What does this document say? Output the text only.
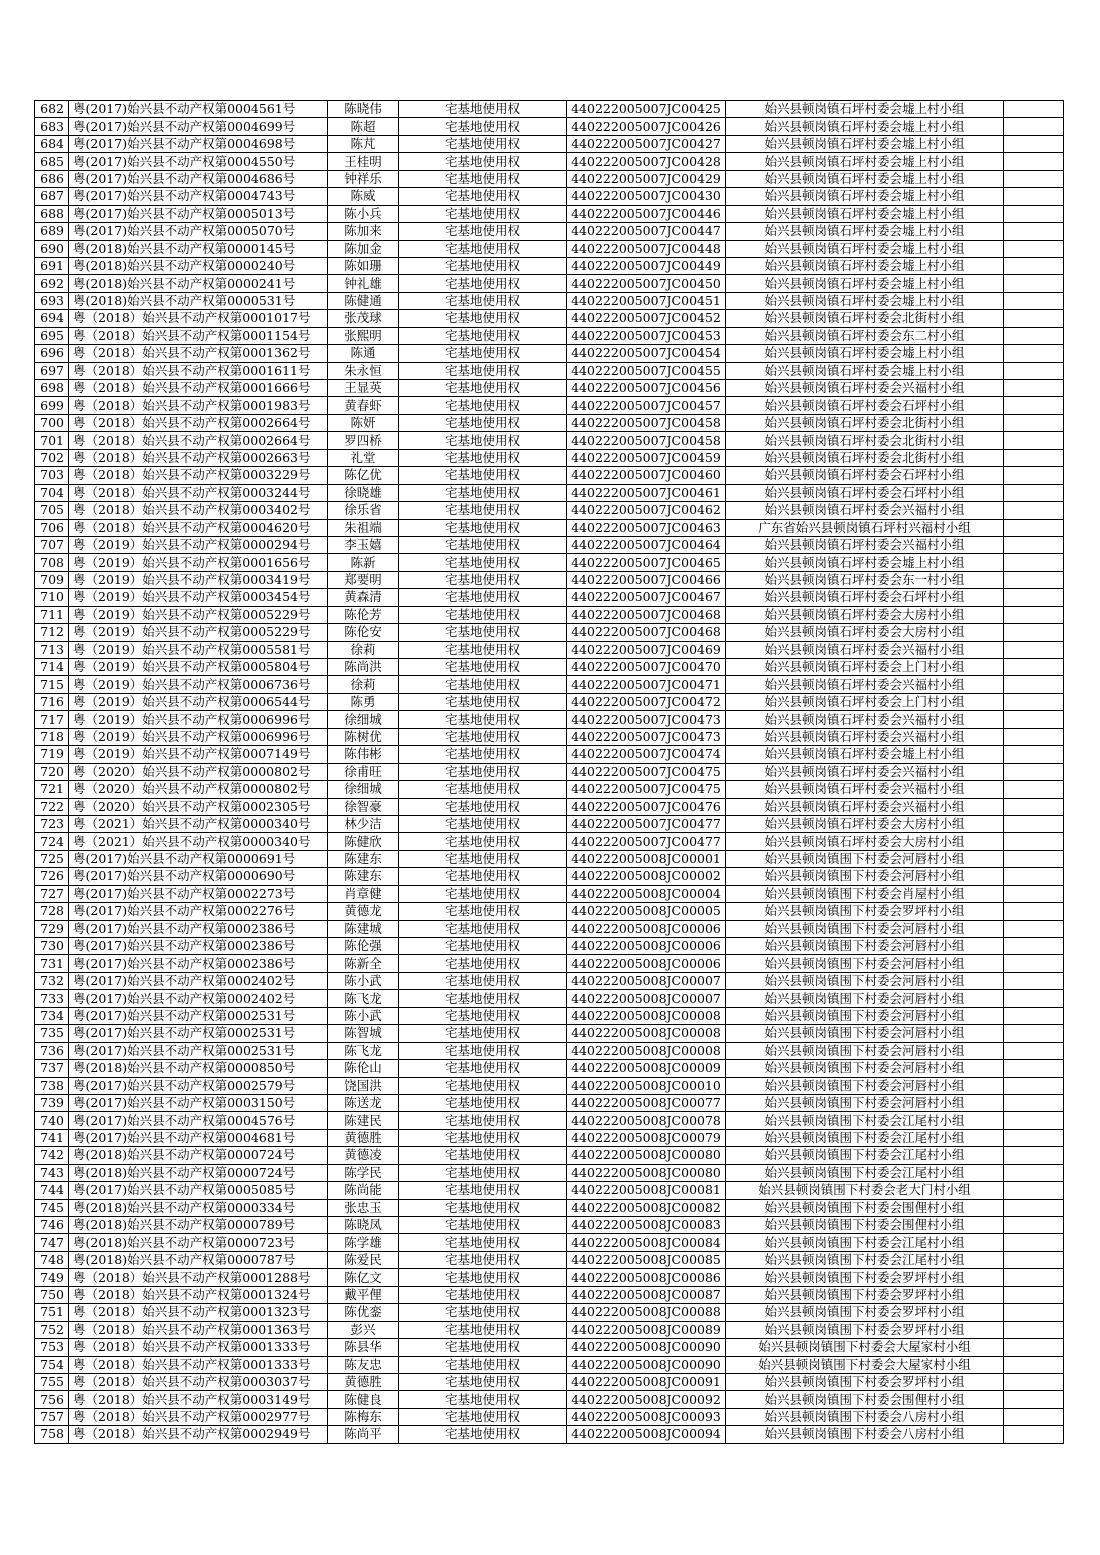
682	粤(2017)始兴县不动产权第0004561号	陈晓伟	宅基地使用权	440222005007JC00425	始兴县顿岗镇石坪村委会墟上村小组	
683	粤(2017)始兴县不动产权第0004699号	陈超	宅基地使用权	440222005007JC00426	始兴县顿岗镇石坪村委会墟上村小组	
684	粤(2017)始兴县不动产权第0004698号	陈芃	宅基地使用权	440222005007JC00427	始兴县顿岗镇石坪村委会墟上村小组	
685	粤(2017)始兴县不动产权第0004550号	王桂明	宅基地使用权	440222005007JC00428	始兴县顿岗镇石坪村委会墟上村小组	
686	粤(2017)始兴县不动产权第0004686号	钟祥乐	宅基地使用权	440222005007JC00429	始兴县顿岗镇石坪村委会墟上村小组	
687	粤(2017)始兴县不动产权第0004743号	陈威	宅基地使用权	440222005007JC00430	始兴县顿岗镇石坪村委会墟上村小组	
688	粤(2017)始兴县不动产权第0005013号	陈小兵	宅基地使用权	440222005007JC00446	始兴县顿岗镇石坪村委会墟上村小组	
689	粤(2017)始兴县不动产权第0005070号	陈加来	宅基地使用权	440222005007JC00447	始兴县顿岗镇石坪村委会墟上村小组	
690	粤(2018)始兴县不动产权第0000145号	陈加金	宅基地使用权	440222005007JC00448	始兴县顿岗镇石坪村委会墟上村小组	
691	粤(2018)始兴县不动产权第0000240号	陈如珊	宅基地使用权	440222005007JC00449	始兴县顿岗镇石坪村委会墟上村小组	
692	粤(2018)始兴县不动产权第0000241号	钟礼雄	宅基地使用权	440222005007JC00450	始兴县顿岗镇石坪村委会墟上村小组	
693	粤(2018)始兴县不动产权第0000531号	陈健通	宅基地使用权	440222005007JC00451	始兴县顿岗镇石坪村委会墟上村小组	
694	粤（2018）始兴县不动产权第0001017号	张茂球	宅基地使用权	440222005007JC00452	始兴县顿岗镇石坪村委会北街村小组	
695	粤（2018）始兴县不动产权第0001154号	张熙明	宅基地使用权	440222005007JC00453	始兴县顿岗镇石坪村委会东二村小组	
696	粤（2018）始兴县不动产权第0001362号	陈通	宅基地使用权	440222005007JC00454	始兴县顿岗镇石坪村委会墟上村小组	
697	粤（2018）始兴县不动产权第0001611号	朱永恒	宅基地使用权	440222005007JC00455	始兴县顿岗镇石坪村委会墟上村小组	
698	粤（2018）始兴县不动产权第0001666号	王显英	宅基地使用权	440222005007JC00456	始兴县顿岗镇石坪村委会兴福村小组	
699	粤（2018）始兴县不动产权第0001983号	黄春虾	宅基地使用权	440222005007JC00457	始兴县顿岗镇石坪村委会石坪村小组	
700	粤（2018）始兴县不动产权第0002664号	陈妍	宅基地使用权	440222005007JC00458	始兴县顿岗镇石坪村委会北街村小组	
701	粤（2018）始兴县不动产权第0002664号	罗四桥	宅基地使用权	440222005007JC00458	始兴县顿岗镇石坪村委会北街村小组	
702	粤（2018）始兴县不动产权第0002663号	礼堂	宅基地使用权	440222005007JC00459	始兴县顿岗镇石坪村委会北街村小组	
703	粤（2018）始兴县不动产权第0003229号	陈亿优	宅基地使用权	440222005007JC00460	始兴县顿岗镇石坪村委会石坪村小组	
704	粤（2018）始兴县不动产权第0003244号	徐晓雄	宅基地使用权	440222005007JC00461	始兴县顿岗镇石坪村委会石坪村小组	
705	粤（2018）始兴县不动产权第0003402号	徐乐省	宅基地使用权	440222005007JC00462	始兴县顿岗镇石坪村委会兴福村小组	
706	粤（2018）始兴县不动产权第0004620号	朱祖端	宅基地使用权	440222005007JC00463	广东省始兴县顿岗镇石坪村兴福村小组	
707	粤（2019）始兴县不动产权第0000294号	李玉嬉	宅基地使用权	440222005007JC00464	始兴县顿岗镇石坪村委会兴福村小组	
708	粤（2019）始兴县不动产权第0001656号	陈新	宅基地使用权	440222005007JC00465	始兴县顿岗镇石坪村委会墟上村小组	
709	粤（2019）始兴县不动产权第0003419号	郑要明	宅基地使用权	440222005007JC00466	始兴县顿岗镇石坪村委会东一村小组	
710	粤（2019）始兴县不动产权第0003454号	黄森清	宅基地使用权	440222005007JC00467	始兴县顿岗镇石坪村委会石坪村小组	
711	粤（2019）始兴县不动产权第0005229号	陈伦芳	宅基地使用权	440222005007JC00468	始兴县顿岗镇石坪村委会大房村小组	
712	粤（2019）始兴县不动产权第0005229号	陈伦安	宅基地使用权	440222005007JC00468	始兴县顿岗镇石坪村委会大房村小组	
713	粤（2019）始兴县不动产权第0005581号	徐莉	宅基地使用权	440222005007JC00469	始兴县顿岗镇石坪村委会兴福村小组	
714	粤（2019）始兴县不动产权第0005804号	陈尚洪	宅基地使用权	440222005007JC00470	始兴县顿岗镇石坪村委会上门村小组	
715	粤（2019）始兴县不动产权第0006736号	徐莉	宅基地使用权	440222005007JC00471	始兴县顿岗镇石坪村委会兴福村小组	
716	粤（2019）始兴县不动产权第0006544号	陈勇	宅基地使用权	440222005007JC00472	始兴县顿岗镇石坪村委会上门村小组	
717	粤（2019）始兴县不动产权第0006996号	徐细城	宅基地使用权	440222005007JC00473	始兴县顿岗镇石坪村委会兴福村小组	
718	粤（2019）始兴县不动产权第0006996号	陈树优	宅基地使用权	440222005007JC00473	始兴县顿岗镇石坪村委会兴福村小组	
719	粤（2019）始兴县不动产权第0007149号	陈伟彬	宅基地使用权	440222005007JC00474	始兴县顿岗镇石坪村委会墟上村小组	
720	粤（2020）始兴县不动产权第0000802号	徐甫旺	宅基地使用权	440222005007JC00475	始兴县顿岗镇石坪村委会兴福村小组	
721	粤（2020）始兴县不动产权第0000802号	徐细城	宅基地使用权	440222005007JC00475	始兴县顿岗镇石坪村委会兴福村小组	
722	粤（2020）始兴县不动产权第0002305号	徐智豪	宅基地使用权	440222005007JC00476	始兴县顿岗镇石坪村委会兴福村小组	
723	粤（2021）始兴县不动产权第0000340号	林少洁	宅基地使用权	440222005007JC00477	始兴县顿岗镇石坪村委会大房村小组	
724	粤（2021）始兴县不动产权第0000340号	陈健欣	宅基地使用权	440222005007JC00477	始兴县顿岗镇石坪村委会大房村小组	
725	粤(2017)始兴县不动产权第0000691号	陈建东	宅基地使用权	440222005008JC00001	始兴县顿岗镇围下村委会河唇村小组	
726	粤(2017)始兴县不动产权第0000690号	陈建东	宅基地使用权	440222005008JC00002	始兴县顿岗镇围下村委会河唇村小组	
727	粤(2017)始兴县不动产权第0002273号	肖章健	宅基地使用权	440222005008JC00004	始兴县顿岗镇围下村委会肖屋村小组	
728	粤(2017)始兴县不动产权第0002276号	黄德龙	宅基地使用权	440222005008JC00005	始兴县顿岗镇围下村委会罗坪村小组	
729	粤(2017)始兴县不动产权第0002386号	陈建城	宅基地使用权	440222005008JC00006	始兴县顿岗镇围下村委会河唇村小组	
730	粤(2017)始兴县不动产权第0002386号	陈伦强	宅基地使用权	440222005008JC00006	始兴县顿岗镇围下村委会河唇村小组	
731	粤(2017)始兴县不动产权第0002386号	陈新全	宅基地使用权	440222005008JC00006	始兴县顿岗镇围下村委会河唇村小组	
732	粤(2017)始兴县不动产权第0002402号	陈小武	宅基地使用权	440222005008JC00007	始兴县顿岗镇围下村委会河唇村小组	
733	粤(2017)始兴县不动产权第0002402号	陈飞龙	宅基地使用权	440222005008JC00007	始兴县顿岗镇围下村委会河唇村小组	
734	粤(2017)始兴县不动产权第0002531号	陈小武	宅基地使用权	440222005008JC00008	始兴县顿岗镇围下村委会河唇村小组	
735	粤(2017)始兴县不动产权第0002531号	陈智城	宅基地使用权	440222005008JC00008	始兴县顿岗镇围下村委会河唇村小组	
736	粤(2017)始兴县不动产权第0002531号	陈飞龙	宅基地使用权	440222005008JC00008	始兴县顿岗镇围下村委会河唇村小组	
737	粤(2018)始兴县不动产权第0000850号	陈伦山	宅基地使用权	440222005008JC00009	始兴县顿岗镇围下村委会河唇村小组	
738	粤(2017)始兴县不动产权第0002579号	饶国洪	宅基地使用权	440222005008JC00010	始兴县顿岗镇围下村委会河唇村小组	
739	粤(2017)始兴县不动产权第0003150号	陈送龙	宅基地使用权	440222005008JC00077	始兴县顿岗镇围下村委会河唇村小组	
740	粤(2017)始兴县不动产权第0004576号	陈建民	宅基地使用权	440222005008JC00078	始兴县顿岗镇围下村委会江尾村小组	
741	粤(2017)始兴县不动产权第0004681号	黄德胜	宅基地使用权	440222005008JC00079	始兴县顿岗镇围下村委会江尾村小组	
742	粤(2018)始兴县不动产权第0000724号	黄德凌	宅基地使用权	440222005008JC00080	始兴县顿岗镇围下村委会江尾村小组	
743	粤(2018)始兴县不动产权第0000724号	陈学民	宅基地使用权	440222005008JC00080	始兴县顿岗镇围下村委会江尾村小组	
744	粤(2017)始兴县不动产权第0005085号	陈尚能	宅基地使用权	440222005008JC00081	始兴县顿岗镇围下村委会老大门村小组	
745	粤(2018)始兴县不动产权第0000334号	张忠玉	宅基地使用权	440222005008JC00082	始兴县顿岗镇围下村委会围俚村小组	
746	粤(2018)始兴县不动产权第0000789号	陈晓凤	宅基地使用权	440222005008JC00083	始兴县顿岗镇围下村委会围俚村小组	
747	粤(2018)始兴县不动产权第0000723号	陈学雄	宅基地使用权	440222005008JC00084	始兴县顿岗镇围下村委会江尾村小组	
748	粤(2018)始兴县不动产权第0000787号	陈爱民	宅基地使用权	440222005008JC00085	始兴县顿岗镇围下村委会江尾村小组	
749	粤（2018）始兴县不动产权第0001288号	陈亿文	宅基地使用权	440222005008JC00086	始兴县顿岗镇围下村委会罗坪村小组	
750	粤（2018）始兴县不动产权第0001324号	戴平俚	宅基地使用权	440222005008JC00087	始兴县顿岗镇围下村委会罗坪村小组	
751	粤（2018）始兴县不动产权第0001323号	陈优銮	宅基地使用权	440222005008JC00088	始兴县顿岗镇围下村委会罗坪村小组	
752	粤（2018）始兴县不动产权第0001363号	彭兴	宅基地使用权	440222005008JC00089	始兴县顿岗镇围下村委会罗坪村小组	
753	粤（2018）始兴县不动产权第0001333号	陈县华	宅基地使用权	440222005008JC00090	始兴县顿岗镇围下村委会大屋家村小组	
754	粤（2018）始兴县不动产权第0001333号	陈友忠	宅基地使用权	440222005008JC00090	始兴县顿岗镇围下村委会大屋家村小组	
755	粤（2018）始兴县不动产权第0003037号	黄德胜	宅基地使用权	440222005008JC00091	始兴县顿岗镇围下村委会罗坪村小组	
756	粤（2018）始兴县不动产权第0003149号	陈健良	宅基地使用权	440222005008JC00092	始兴县顿岗镇围下村委会围俚村小组	
757	粤（2018）始兴县不动产权第0002977号	陈梅东	宅基地使用权	440222005008JC00093	始兴县顿岗镇围下村委会八房村小组	
758	粤（2018）始兴县不动产权第0002949号	陈尚平	宅基地使用权	440222005008JC00094	始兴县顿岗镇围下村委会八房村小组	
